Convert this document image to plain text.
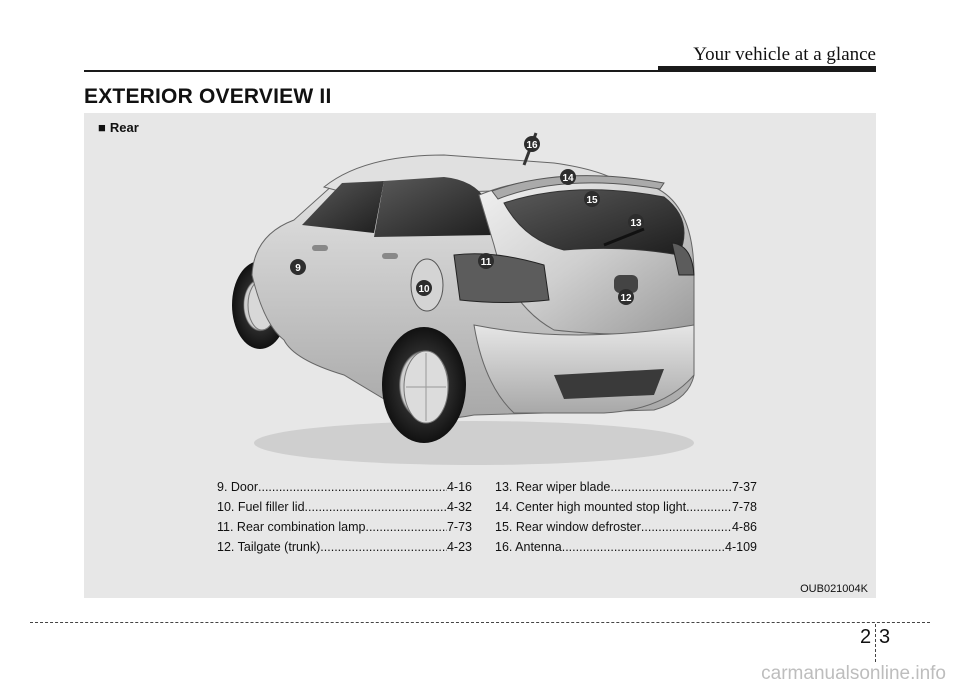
Your vehicle at a glance
EXTERIOR OVERVIEW II
■ Rear
9
10
11
12
13
14
15
16
9. Door .....	4-16
10. Fuel filler lid .....	4-32
11. Rear combination lamp .....	7-73
12. Tailgate (trunk) .....	4-23
13. Rear wiper blade .....	7-37
14. Center high mounted stop light .....	7-78
15. Rear window defroster .....	4-86
16. Antenna .....	4-109
OUB021004K
2 3
carmanualsonline.info
